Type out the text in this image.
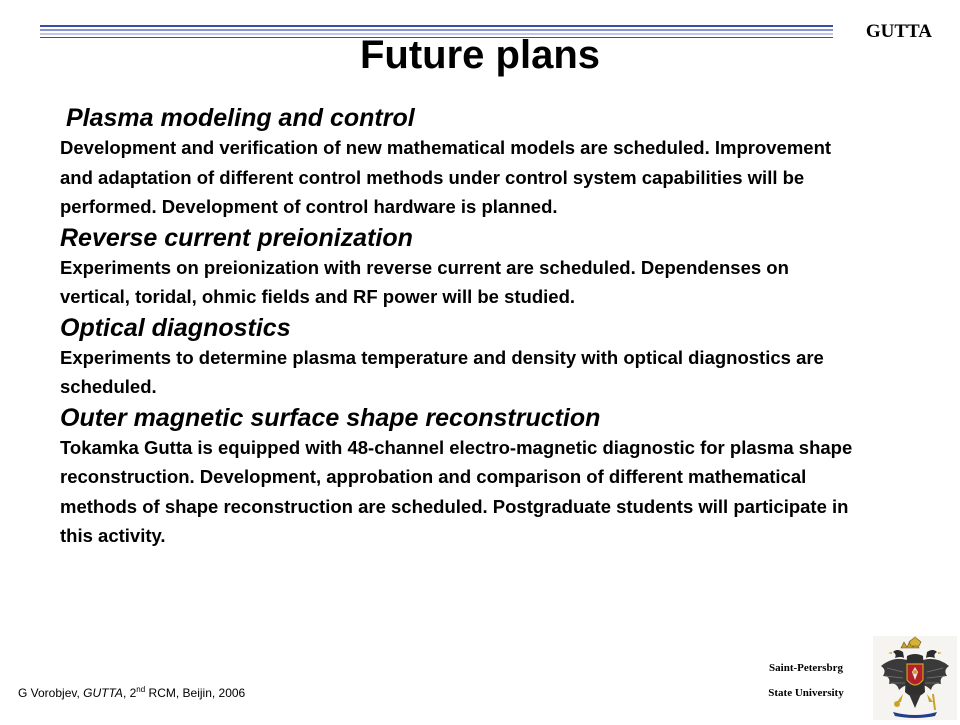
GUTTA
Future plans

Plasma modeling and control

Development and verification of new mathematical models are scheduled. Improvement and adaptation of different control methods under control system capabilities will be performed. Development of control hardware is planned.

Reverse current preionization

Experiments on preionization with reverse current are scheduled. Dependenses on vertical, toridal, ohmic fields and RF power will be studied.

Optical diagnostics

Experiments to determine plasma temperature and density with optical diagnostics are scheduled.

Outer magnetic surface shape reconstruction

Tokamka Gutta is equipped with 48-channel electro-magnetic diagnostic for plasma shape reconstruction. Development, approbation and comparison of different mathematical methods of shape reconstruction are scheduled. Postgraduate students will participate in this activity.

G Vorobjev, GUTTA, 2nd RCM, Beijin, 2006
Saint-Petersbrg
State University
